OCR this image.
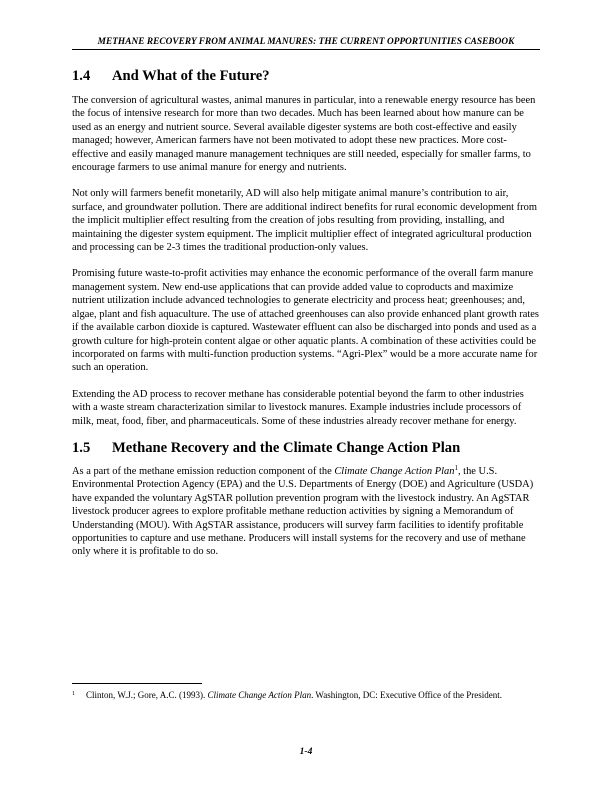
METHANE RECOVERY FROM ANIMAL MANURES: THE CURRENT OPPORTUNITIES CASEBOOK
1.4 And What of the Future?

The conversion of agricultural wastes, animal manures in particular, into a renewable energy resource has been the focus of intensive research for more than two decades. Much has been learned about how manure can be used as an energy and nutrient source. Several available digester systems are both cost-effective and easily managed; however, American farmers have not been motivated to adopt these new practices. More cost-effective and easily managed manure management techniques are still needed, especially for smaller farms, to encourage farmers to use animal manure for energy and nutrients.

Not only will farmers benefit monetarily, AD will also help mitigate animal manure’s contribution to air, surface, and groundwater pollution. There are additional indirect benefits for rural economic development from the implicit multiplier effect resulting from the creation of jobs resulting from providing, installing, and maintaining the digester system equipment. The implicit multiplier effect of integrated agricultural production and processing can be 2-3 times the traditional production-only values.

Promising future waste-to-profit activities may enhance the economic performance of the overall farm manure management system. New end-use applications that can provide added value to coproducts and maximize nutrient utilization include advanced technologies to generate electricity and process heat; greenhouses; and, algae, plant and fish aquaculture. The use of attached greenhouses can also provide enhanced plant growth rates if the available carbon dioxide is captured. Wastewater effluent can also be discharged into ponds and used as a growth culture for high-protein content algae or other aquatic plants. A combination of these activities could be incorporated on farms with multi-function production systems. “Agri-Plex” would be a more accurate name for such an operation.

Extending the AD process to recover methane has considerable potential beyond the farm to other industries with a waste stream characterization similar to livestock manures. Example industries include processors of milk, meat, food, fiber, and pharmaceuticals. Some of these industries already recover methane for energy.

1.5 Methane Recovery and the Climate Change Action Plan

As a part of the methane emission reduction component of the Climate Change Action Plan$^1$, the U.S. Environmental Protection Agency (EPA) and the U.S. Departments of Energy (DOE) and Agriculture (USDA) have expanded the voluntary AgSTAR pollution prevention program with the livestock industry. An AgSTAR livestock producer agrees to explore profitable methane reduction activities by signing a Memorandum of Understanding (MOU). With AgSTAR assistance, producers will survey farm facilities to identify profitable opportunities to capture and use methane. Producers will install systems for the recovery and use of methane only where it is profitable to do so.

1 Clinton, W.J.; Gore, A.C. (1993). Climate Change Action Plan. Washington, DC: Executive Office of the President.
1-4
